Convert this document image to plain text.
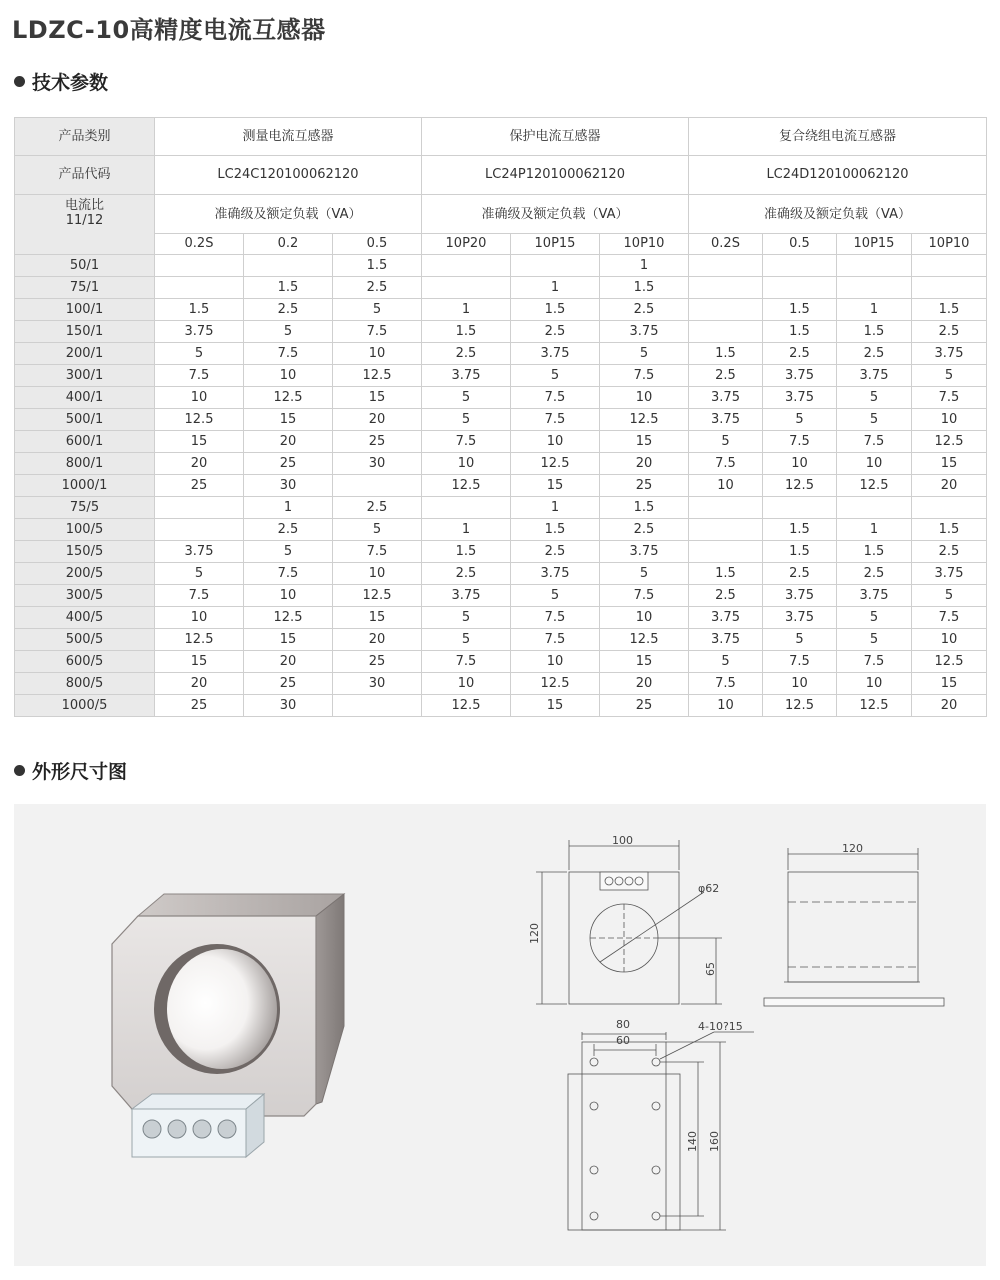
LDZC-10高精度电流互感器
技术参数
产品类别	测量电流互感器			保护电流互感器			复合绕组电流互感器			
产品代码	LC24C120100062120			LC24P120100062120			LC24D120100062120			
电流比
11/12	准确级及额定负载（VA）			准确级及额定负载（VA）			准确级及额定负载（VA）			
	0.2S	0.2	0.5	10P20	10P15	10P10	0.2S	0.5	10P15	10P10
50/1			1.5			1				
75/1		1.5	2.5		1	1.5				
100/1	1.5	2.5	5	1	1.5	2.5		1.5	1	1.5
150/1	3.75	5	7.5	1.5	2.5	3.75		1.5	1.5	2.5
200/1	5	7.5	10	2.5	3.75	5	1.5	2.5	2.5	3.75
300/1	7.5	10	12.5	3.75	5	7.5	2.5	3.75	3.75	5
400/1	10	12.5	15	5	7.5	10	3.75	3.75	5	7.5
500/1	12.5	15	20	5	7.5	12.5	3.75	5	5	10
600/1	15	20	25	7.5	10	15	5	7.5	7.5	12.5
800/1	20	25	30	10	12.5	20	7.5	10	10	15
1000/1	25	30		12.5	15	25	10	12.5	12.5	20
75/5		1	2.5		1	1.5				
100/5		2.5	5	1	1.5	2.5		1.5	1	1.5
150/5	3.75	5	7.5	1.5	2.5	3.75		1.5	1.5	2.5
200/5	5	7.5	10	2.5	3.75	5	1.5	2.5	2.5	3.75
300/5	7.5	10	12.5	3.75	5	7.5	2.5	3.75	3.75	5
400/5	10	12.5	15	5	7.5	10	3.75	3.75	5	7.5
500/5	12.5	15	20	5	7.5	12.5	3.75	5	5	10
600/5	15	20	25	7.5	10	15	5	7.5	7.5	12.5
800/5	20	25	30	10	12.5	20	7.5	10	10	15
1000/5	25	30		12.5	15	25	10	12.5	12.5	20
外形尺寸图
100
120
φ62
65
120
80
60
4-10?15
140 160
